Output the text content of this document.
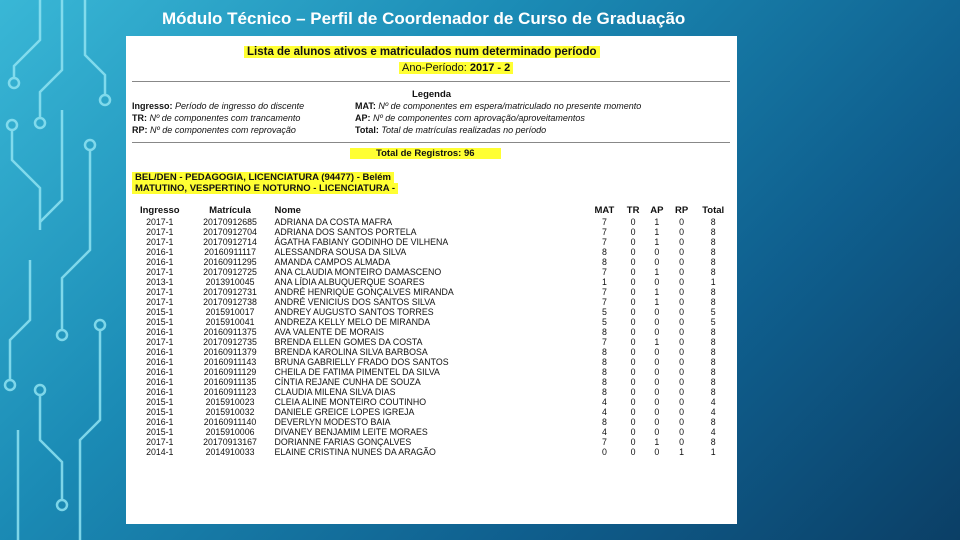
Módulo Técnico – Perfil de Coordenador de Curso de Graduação
Lista de alunos ativos e matriculados num determinado período
Ano-Período: 2017 - 2
Legenda
Ingresso: Período de ingresso do discente
TR: Nº de componentes com trancamento
RP: Nº de componentes com reprovação
MAT: Nº de componentes em espera/matriculado no presente momento
AP: Nº de componentes com aprovação/aproveitamentos
Total: Total de matrículas realizadas no período
Total de Registros: 96
BEL/DEN - PEDAGOGIA, LICENCIATURA (94477) - Belém
MATUTINO, VESPERTINO E NOTURNO - LICENCIATURA -
Ingresso	Matrícula	Nome	MAT	TR	AP	RP	Total
2017-1	20170912685	ADRIANA DA COSTA MAFRA	7	0	1	0	8
2017-1	20170912704	ADRIANA DOS SANTOS PORTELA	7	0	1	0	8
2017-1	20170912714	ÁGATHA FABIANY GODINHO DE VILHENA	7	0	1	0	8
2016-1	20160911117	ALESSANDRA SOUSA DA SILVA	8	0	0	0	8
2016-1	20160911295	AMANDA CAMPOS ALMADA	8	0	0	0	8
2017-1	20170912725	ANA CLAUDIA MONTEIRO DAMASCENO	7	0	1	0	8
2013-1	2013910045	ANA LÍDIA ALBUQUERQUE SOARES	1	0	0	0	1
2017-1	20170912731	ANDRÉ HENRIQUE GONÇALVES MIRANDA	7	0	1	0	8
2017-1	20170912738	ANDRÉ VENICIUS DOS SANTOS SILVA	7	0	1	0	8
2015-1	2015910017	ANDREY AUGUSTO SANTOS TORRES	5	0	0	0	5
2015-1	2015910041	ANDREZA KELLY MELO DE MIRANDA	5	0	0	0	5
2016-1	20160911375	AVA VALENTE DE MORAIS	8	0	0	0	8
2017-1	20170912735	BRENDA ELLEN GOMES DA COSTA	7	0	1	0	8
2016-1	20160911379	BRENDA KAROLINA SILVA BARBOSA	8	0	0	0	8
2016-1	20160911143	BRUNA GABRIELLY FRADO DOS SANTOS	8	0	0	0	8
2016-1	20160911129	CHEILA DE FATIMA PIMENTEL DA SILVA	8	0	0	0	8
2016-1	20160911135	CÍNTIA REJANE CUNHA DE SOUZA	8	0	0	0	8
2016-1	20160911123	CLAUDIA MILENA SILVA DIAS	8	0	0	0	8
2015-1	2015910023	CLEIA ALINE MONTEIRO COUTINHO	4	0	0	0	4
2015-1	2015910032	DANIELE GREICE LOPES IGREJA	4	0	0	0	4
2016-1	20160911140	DEVERLYN MODESTO BAIA	8	0	0	0	8
2015-1	2015910006	DIVANEY BENJAMIM LEITE MORAES	4	0	0	0	4
2017-1	20170913167	DORIANNE FARIAS GONÇALVES	7	0	1	0	8
2014-1	2014910033	ELAINE CRISTINA NUNES DA ARAGÃO	0	0	0	1	1
